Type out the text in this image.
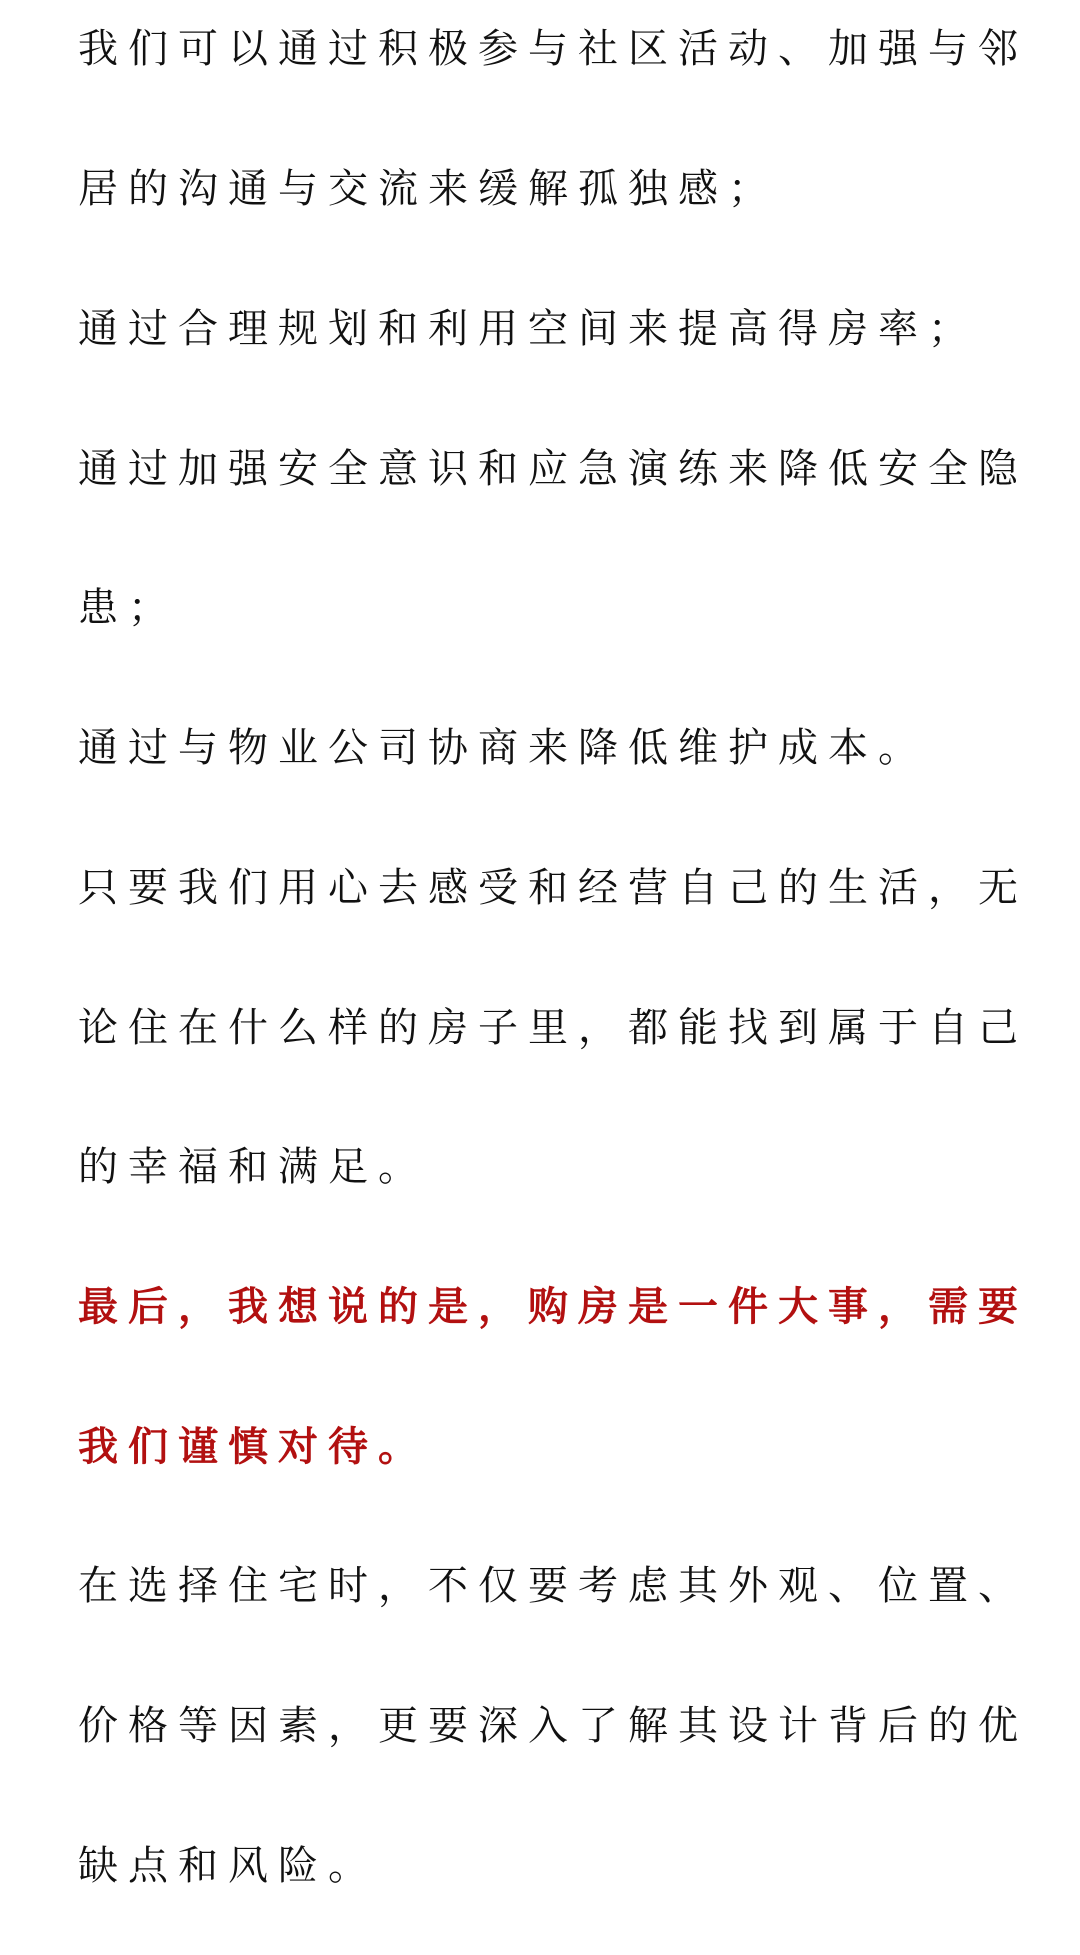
我们可以通过积极参与社区活动、加强与邻
居的沟通与交流来缓解孤独感；
通过合理规划和利用空间来提高得房率；
通过加强安全意识和应急演练来降低安全隐
患；
通过与物业公司协商来降低维护成本。
只要我们用心去感受和经营自己的生活，无
论住在什么样的房子里，都能找到属于自己
的幸福和满足。
最后，我想说的是，购房是一件大事，需要
我们谨慎对待。
在选择住宅时，不仅要考虑其外观、位置、
价格等因素，更要深入了解其设计背后的优
缺点和风险。
